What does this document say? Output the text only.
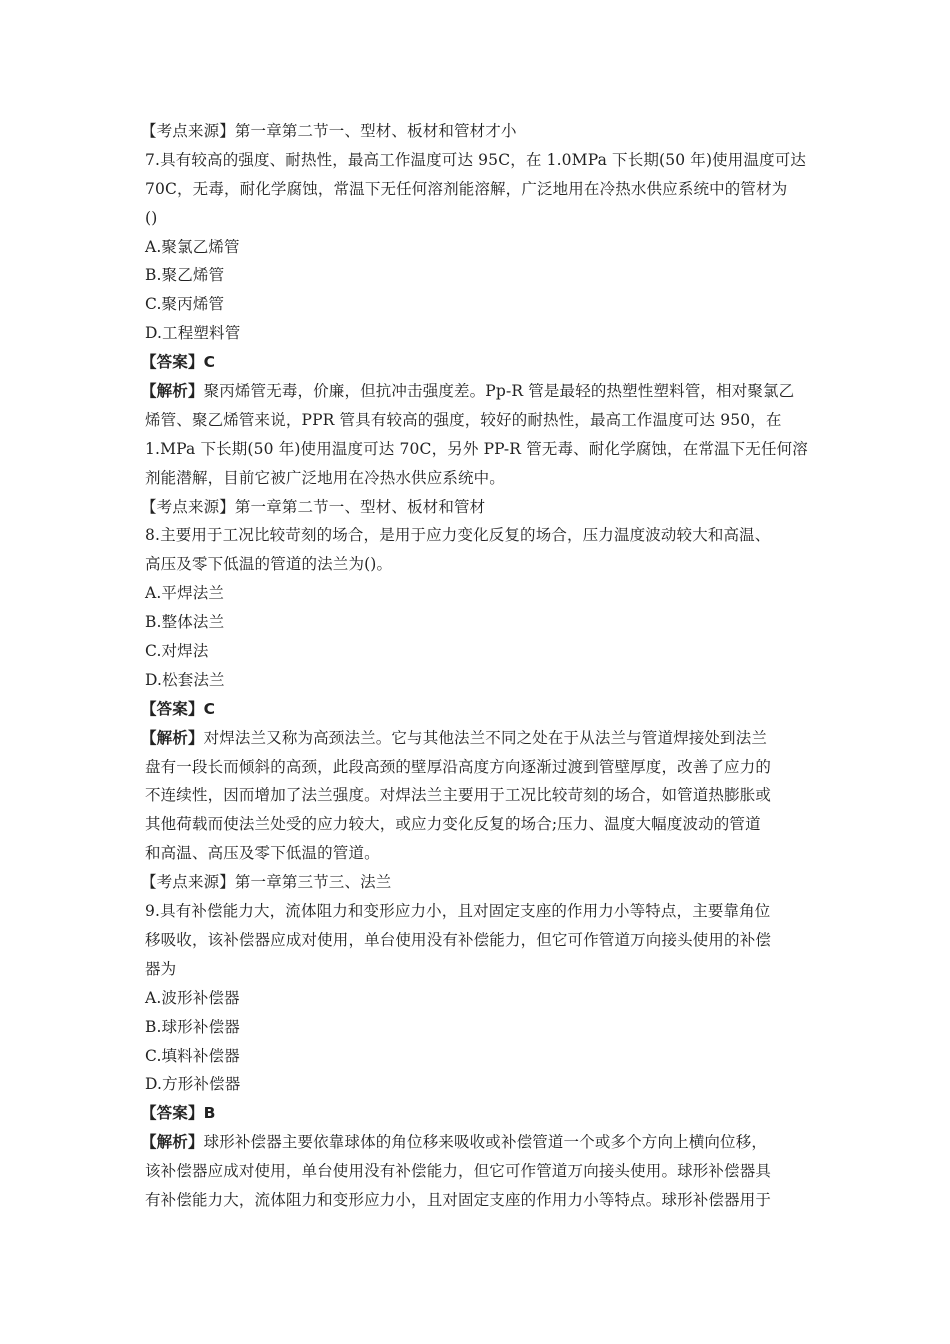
【考点来源】第一章第二节一、型材、板材和管材才小
7.具有较高的强度、耐热性，最高工作温度可达 95C，在 1.0MPa 下长期(50 年)使用温度可达
70C，无毒，耐化学腐蚀，常温下无任何溶剂能溶解，广泛地用在冷热水供应系统中的管材为
()
A.聚氯乙烯管
B.聚乙烯管
C.聚丙烯管
D.工程塑料管
【答案】C
【解析】聚丙烯管无毒，价廉，但抗冲击强度差。Pp-R 管是最轻的热塑性塑料管，相对聚氯乙
烯管、聚乙烯管来说，PPR 管具有较高的强度，较好的耐热性，最高工作温度可达 950，在
1.MPa 下长期(50 年)使用温度可达 70C，另外 PP-R 管无毒、耐化学腐蚀，在常温下无任何溶
剂能潜解，目前它被广泛地用在冷热水供应系统中。
【考点来源】第一章第二节一、型材、板材和管材
8.主要用于工况比较苛刻的场合，是用于应力变化反复的场合，压力温度波动较大和高温、
高压及零下低温的管道的法兰为()。
A.平焊法兰
B.整体法兰
C.对焊法
D.松套法兰
【答案】C
【解析】对焊法兰又称为高颈法兰。它与其他法兰不同之处在于从法兰与管道焊接处到法兰
盘有一段长而倾斜的高颈，此段高颈的壁厚沿高度方向逐渐过渡到管壁厚度，改善了应力的
不连续性，因而增加了法兰强度。对焊法兰主要用于工况比较苛刻的场合，如管道热膨胀或
其他荷载而使法兰处受的应力较大，或应力变化反复的场合;压力、温度大幅度波动的管道
和高温、高压及零下低温的管道。
【考点来源】第一章第三节三、法兰
9.具有补偿能力大，流体阻力和变形应力小，且对固定支座的作用力小等特点，主要靠角位
移吸收，该补偿器应成对使用，单台使用没有补偿能力，但它可作管道万向接头使用的补偿
器为
A.波形补偿器
B.球形补偿器
C.填料补偿器
D.方形补偿器
【答案】B
【解析】球形补偿器主要依靠球体的角位移来吸收或补偿管道一个或多个方向上横向位移，
该补偿器应成对使用，单台使用没有补偿能力，但它可作管道万向接头使用。球形补偿器具
有补偿能力大，流体阻力和变形应力小，且对固定支座的作用力小等特点。球形补偿器用于
